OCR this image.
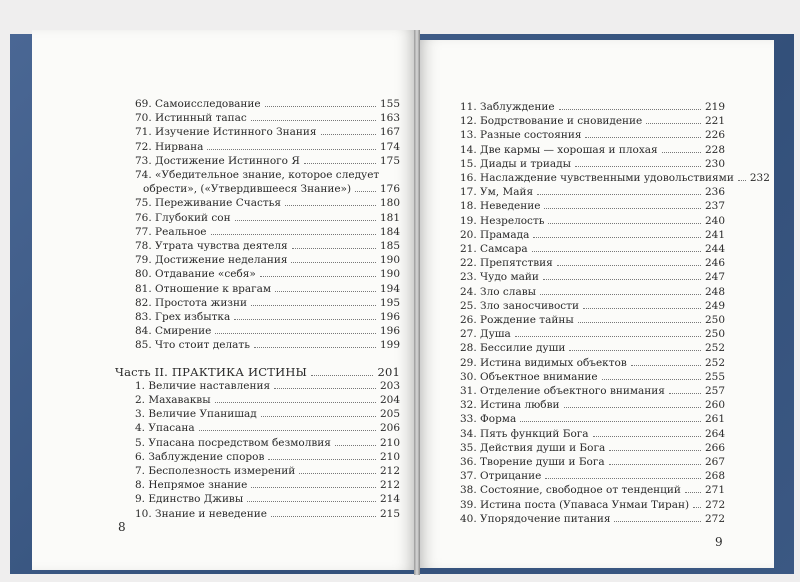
69. Самоисследование	155
70. Истинный тапас	163
71. Изучение Истинного Знания	167
72. Нирвана	174
73. Достижение Истинного Я	175
74. «Убедительное знание, которое следует
обрести», («Утвердившееся Знание»)	176
75. Переживание Счастья	180
76. Глубокий сон	181
77. Реальное	184
78. Утрата чувства деятеля	185
79. Достижение неделания	190
80. Отдавание «себя»	190
81. Отношение к врагам	194
82. Простота жизни	195
83. Грех избытка	196
84. Смирение	196
85. Что стоит делать	199
Часть II. ПРАКТИКА ИСТИНЫ	201
1. Величие наставления	203
2. Махаваквы	204
3. Величие Упанишад	205
4. Упасана	206
5. Упасана посредством безмолвия	210
6. Заблуждение споров	210
7. Бесполезность измерений	212
8. Непрямое знание	212
9. Единство Дживы	214
10. Знание и неведение	215
11. Заблуждение	219
12. Бодрствование и сновидение	221
13. Разные состояния	226
14. Две кармы — хорошая и плохая	228
15. Диады и триады	230
16. Наслаждение чувственными удовольствиями 232
17. Ум, Майя	236
18. Неведение	237
19. Незрелость	240
20. Прамада	241
21. Самсара	244
22. Препятствия	246
23. Чудо майи	247
24. Зло славы	248
25. Зло заносчивости	249
26. Рождение тайны	250
27. Душа	250
28. Бессилие души	252
29. Истина видимых объектов	252
30. Объектное внимание	255
31. Отделение объектного внимания	257
32. Истина любви	260
33. Форма	261
34. Пять функций Бога	264
35. Действия души и Бога	266
36. Творение души и Бога	267
37. Отрицание	268
38. Состояние, свободное от тенденций 271
39. Истина поста (Упаваса Унмаи Тиран) 272
40. Упорядочение питания	272
8
9
